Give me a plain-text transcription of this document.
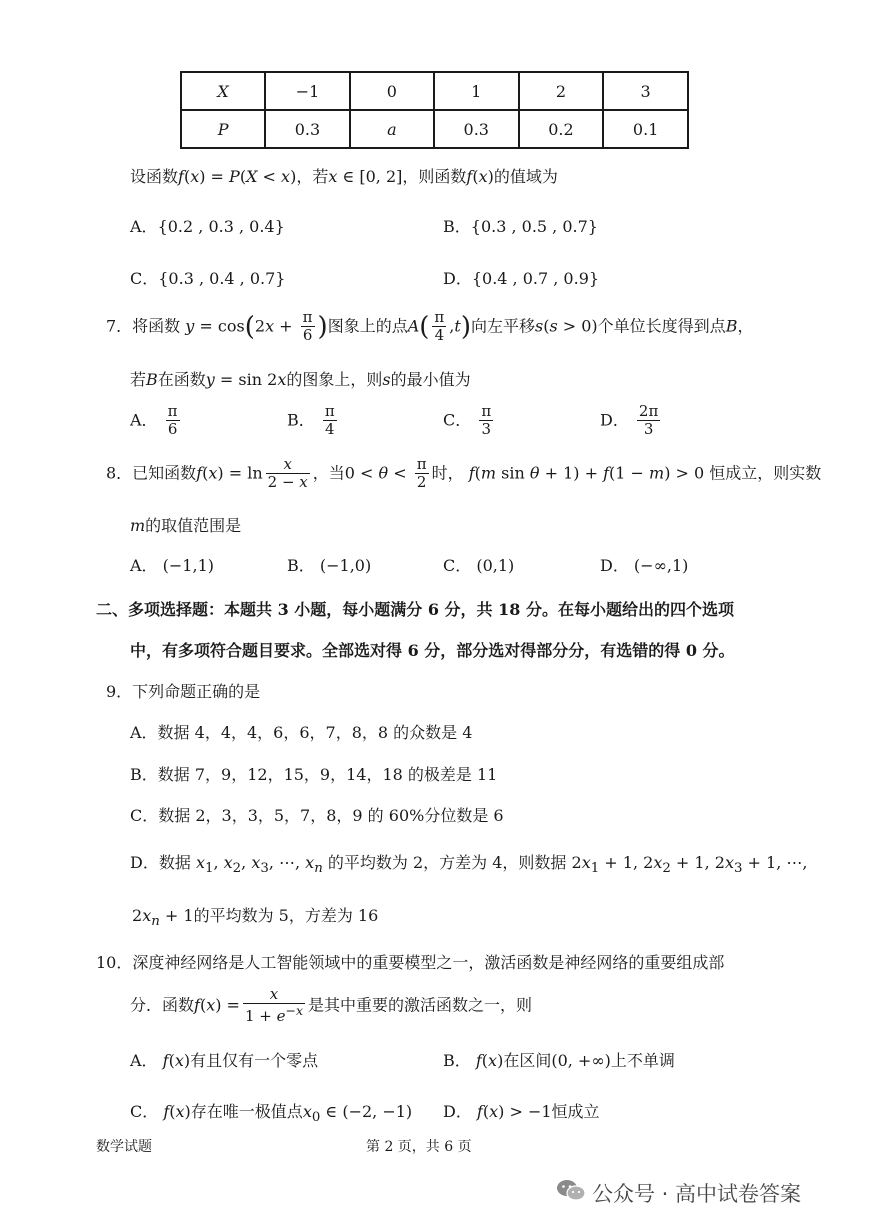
X	−1	0	1	2	3
P	0.3	a	0.3	0.2	0.1
设函数f(x) = P(X < x)，若x ∈ [0, 2]，则函数f(x)的值域为
A．{0.2 , 0.3 , 0.4}	B．{0.3 , 0.5 , 0.7}
C．{0.3 , 0.4 , 0.7}	D．{0.4 , 0.7 , 0.9}
7．将函数 $y = \cos(2x + \frac{\pi}{6}$ )图象上的点$A( \frac{\pi}{4} ,t)$向左平移s(s > 0)个单位长度得到点B，
若B在函数y = sin 2x的图象上，则s的最小值为
A． $\frac{\pi}{6}$	B． $\frac{\pi}{4}$	C． $\frac{\pi}{3}$	D． $\frac{2\pi}{3}$
8．已知函数$f(x) = \ln \frac{x}{2 - x}$ ，当$0 < \theta < \frac{\pi}{2}$ 时， f(m sin θ + 1) + f(1 − m) > 0 恒成立，则实数
m的取值范围是
A． (−1,1)	B． (−1,0)	C． (0,1)	D． (−∞,1)
二、多项选择题：本题共 3 小题，每小题满分 6 分，共 18 分。在每小题给出的四个选项
中，有多项符合题目要求。全部选对得 6 分，部分选对得部分分，有选错的得 0 分。
9．下列命题正确的是
A．数据 4，4，4，6，6，7，8，8 的众数是 4
B．数据 7，9，12，15，9，14，18 的极差是 11
C．数据 2，3，3，5，7，8，9 的 60%分位数是 6
D．数据 $x_1$, $x_2$, $x_3$, ⋯, $x_n$ 的平均数为 2，方差为 4，则数据 $2x_1 + 1$, $2x_2 + 1$, $2x_3 + 1$, ⋯,
$2x_n + 1$的平均数为 5，方差为 16
10．深度神经网络是人工智能领域中的重要模型之一，激活函数是神经网络的重要组成部
分．函数$f(x) = \frac{x}{1 + e^{-x}}$ 是其中重要的激活函数之一，则
A． f(x)有且仅有一个零点	B． f(x)在区间(0, +∞)上不单调
C． f(x)存在唯一极值点$x_0$ ∈ (−2, −1) D． f(x) > −1恒成立
数学试题	第 2 页，共 6 页
公众号 · 高中试卷答案
